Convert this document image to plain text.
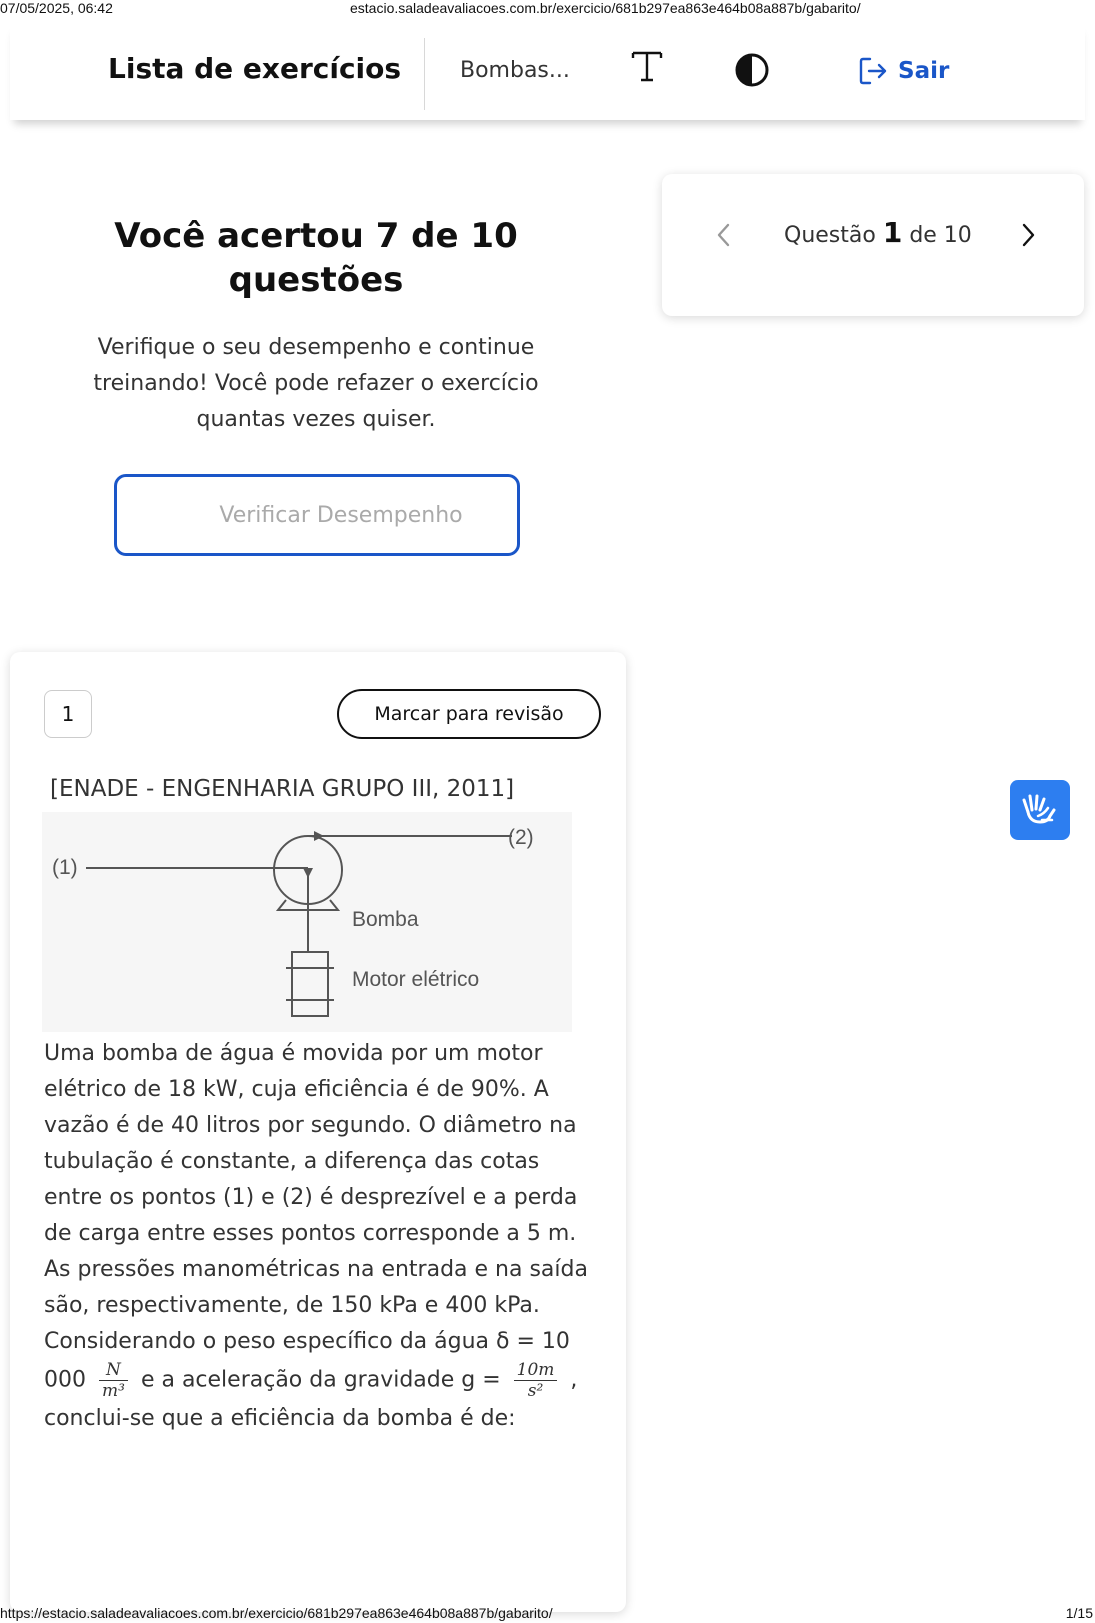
07/05/2025, 06:42	estacio.saladeavaliacoes.com.br/exercicio/681b297ea863e464b08a887b/gabarito/
Lista de exercícios	Bombas...	Sair
Você acertou 7 de 10 questões
Verifique o seu desempenho e continue treinando! Você pode refazer o exercício quantas vezes quiser.
Verificar Desempenho
Questão 1 de 10
1	Marcar para revisão
[ENADE - ENGENHARIA GRUPO III, 2011]
(1)
(2)
Bomba
Motor elétrico
Uma bomba de água é movida por um motor elétrico de 18 kW, cuja eficiência é de 90%. A vazão é de 40 litros por segundo. O diâmetro na tubulação é constante, a diferença das cotas entre os pontos (1) e (2) é desprezível e a perda de carga entre esses pontos corresponde a 5 m. As pressões manométricas na entrada e na saída são, respectivamente, de 150 kPa e 400 kPa. Considerando o peso específico da água δ = 10 $000 \frac{N}{\text{m³}}$ e a aceleração da gravidade $g = \frac{10m}{\text{s²}}$ , conclui-se que a eficiência da bomba é de:
https://estacio.saladeavaliacoes.com.br/exercicio/681b297ea863e464b08a887b/gabarito/	1/15
